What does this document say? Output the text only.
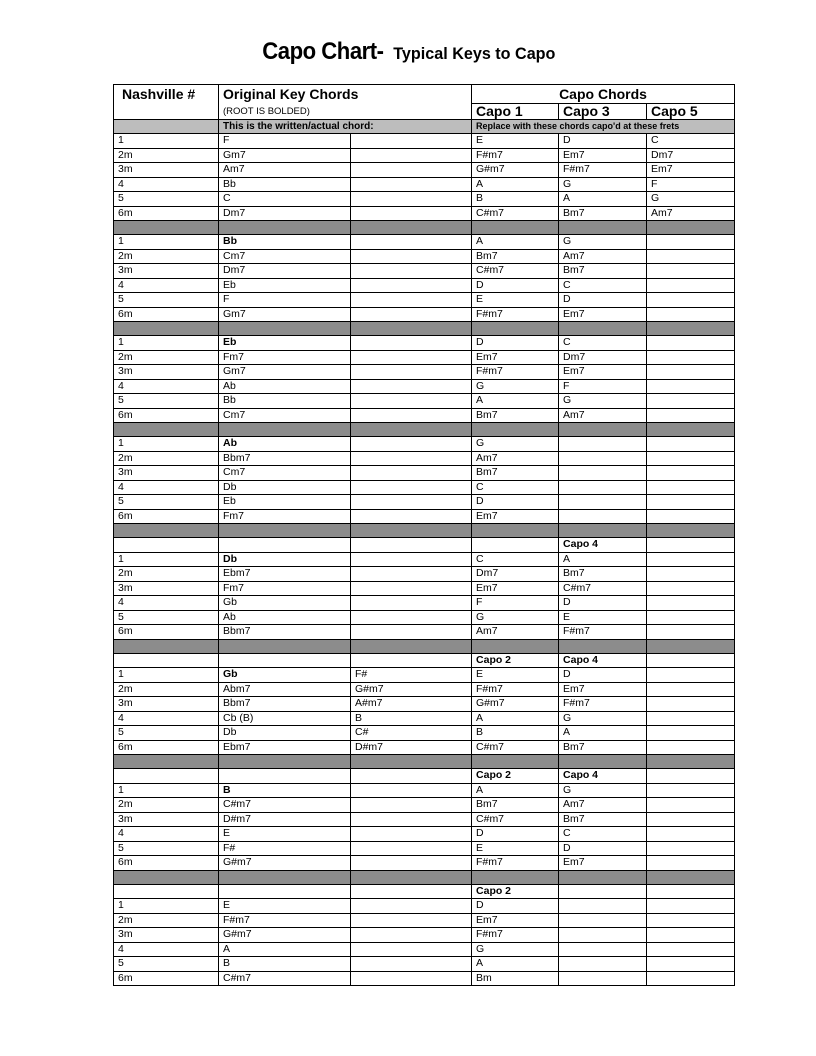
Capo Chart- Typical Keys to Capo
Nashville #	Original Key Chords		Capo Chords		
	(ROOT IS BOLDED)		Capo 1	Capo 3	Capo 5
	This is the written/actual chord:		Replace with these chords capo'd at these frets		
1	F		E	D	C
2m	Gm7		F#m7	Em7	Dm7
3m	Am7		G#m7	F#m7	Em7
4	Bb		A	G	F
5	C		B	A	G
6m	Dm7		C#m7	Bm7	Am7

1	Bb		A	G	
2m	Cm7		Bm7	Am7	
3m	Dm7		C#m7	Bm7	
4	Eb		D	C	
5	F		E	D	
6m	Gm7		F#m7	Em7	

1	Eb		D	C	
2m	Fm7		Em7	Dm7	
3m	Gm7		F#m7	Em7	
4	Ab		G	F	
5	Bb		A	G	
6m	Cm7		Bm7	Am7	

1	Ab		G		
2m	Bbm7		Am7		
3m	Cm7		Bm7		
4	Db		C		
5	Eb		D		
6m	Fm7		Em7		

				Capo 4	
1	Db		C	A	
2m	Ebm7		Dm7	Bm7	
3m	Fm7		Em7	C#m7	
4	Gb		F	D	
5	Ab		G	E	
6m	Bbm7		Am7	F#m7	

			Capo 2	Capo 4	
1	Gb	F#	E	D	
2m	Abm7	G#m7	F#m7	Em7	
3m	Bbm7	A#m7	G#m7	F#m7	
4	Cb (B)	B	A	G	
5	Db	C#	B	A	
6m	Ebm7	D#m7	C#m7	Bm7	

			Capo 2	Capo 4	
1	B		A	G	
2m	C#m7		Bm7	Am7	
3m	D#m7		C#m7	Bm7	
4	E		D	C	
5	F#		E	D	
6m	G#m7		F#m7	Em7	

			Capo 2		
1	E		D		
2m	F#m7		Em7		
3m	G#m7		F#m7		
4	A		G		
5	B		A		
6m	C#m7		Bm		
